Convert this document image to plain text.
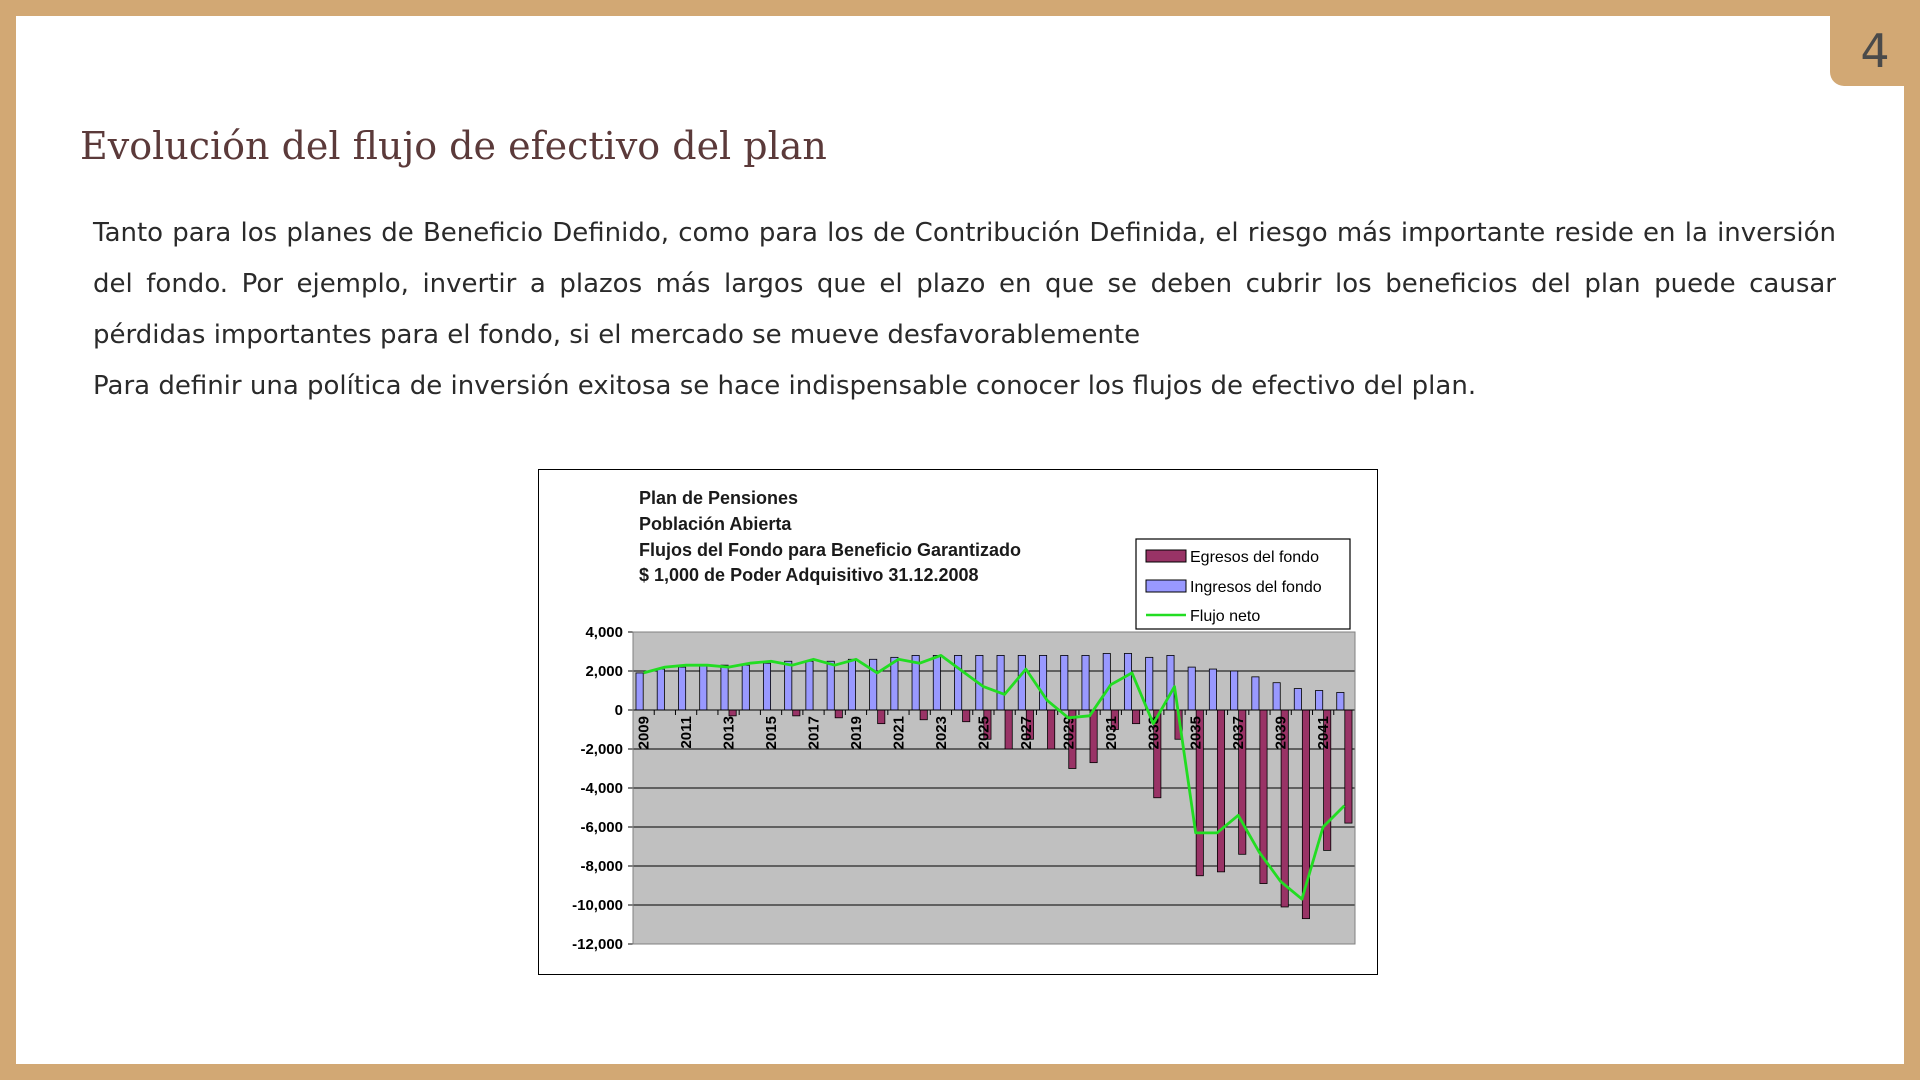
4
Evolución del flujo de efectivo del plan

Tanto para los planes de Beneficio Definido, como para los de Contribución Definida, el riesgo más importante reside en la inversión del fondo. Por ejemplo, invertir a plazos más largos que el plazo en que se deben cubrir los beneficios del plan puede causar pérdidas importantes para el fondo, si el mercado se mueve desfavorablemente

Para definir una política de inversión exitosa se hace indispensable conocer los flujos de efectivo del plan.

Plan de Pensiones
Población Abierta
Flujos del Fondo para Beneficio Garantizado
$ 1,000 de Poder Adquisitivo 31.12.2008
4,000
2,000
0
-2,000
-4,000
-6,000
-8,000
-10,000
-12,000
2009 2011 2013 2015 2017 2019 2021 2023 2025 2027 2029 2031 2033 2035 2037 2039 2041
Egresos del fondo
Ingresos del fondo
Flujo neto
